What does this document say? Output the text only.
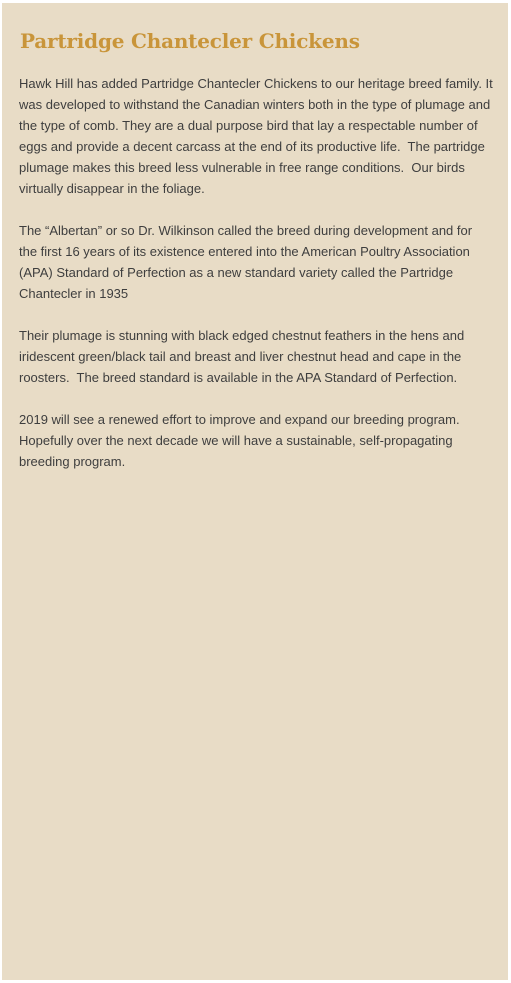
Partridge Chantecler Chickens

Hawk Hill has added Partridge Chantecler Chickens to our heritage breed family. It was developed to withstand the Canadian winters both in the type of plumage and the type of comb. They are a dual purpose bird that lay a respectable number of eggs and provide a decent carcass at the end of its productive life.  The partridge plumage makes this breed less vulnerable in free range conditions.  Our birds virtually disappear in the foliage.

The “Albertan” or so Dr. Wilkinson called the breed during development and for the first 16 years of its existence entered into the American Poultry Association (APA) Standard of Perfection as a new standard variety called the Partridge Chantecler in 1935

Their plumage is stunning with black edged chestnut feathers in the hens and iridescent green/black tail and breast and liver chestnut head and cape in the roosters.  The breed standard is available in the APA Standard of Perfection.

2019 will see a renewed effort to improve and expand our breeding program. Hopefully over the next decade we will have a sustainable, self-propagating breeding program.
